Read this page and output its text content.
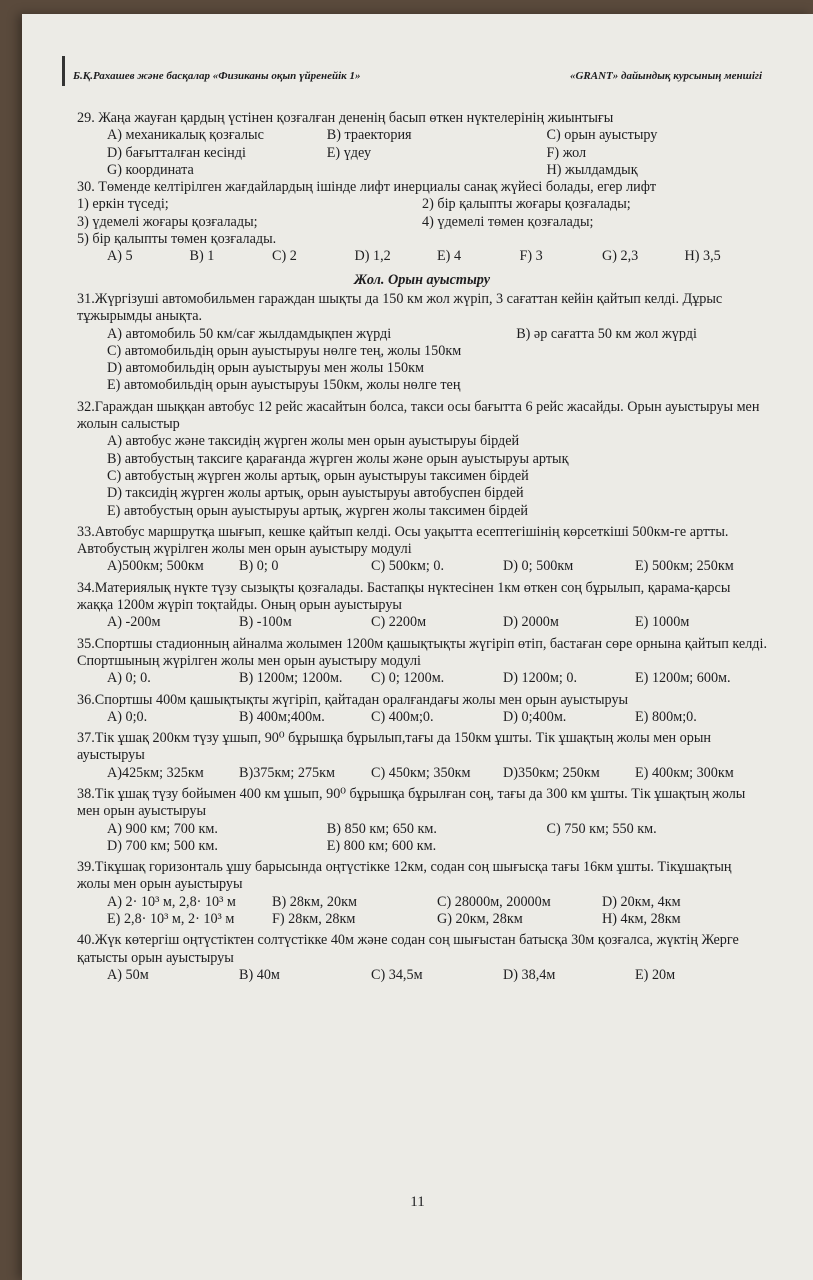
Б.Қ.Рахашев және басқалар «Физиканы оқып үйренейік 1»	«GRANT» дайындық курсының меншігі

29. Жаңа жауған қардың үстінен қозғалған дененің басып өткен нүктелерінің жиынтығы

A) механикалық қозғалыс	B) траектория	C) орын ауыстыру
D) бағытталған кесінді	E) үдеу	F) жол
G) координата	H) жылдамдық

30. Төменде келтірілген жағдайлардың ішінде лифт инерциалы санақ жүйесі болады, егер лифт

1) еркін түседі;	2) бір қалыпты жоғары қозғалады;
3) үдемелі жоғары қозғалады;	4) үдемелі төмен қозғалады;
5) бір қалыпты төмен қозғалады.
A) 5	B) 1	C) 2	D) 1,2	E) 4	F) 3	G) 2,3	H) 3,5
Жол. Орын ауыстыру

31.Жүргізуші автомобильмен гараждан шықты да 150 км жол жүріп, 3 сағаттан кейін қайтып келді. Дұрыс тұжырымды анықта.

A) автомобиль 50 км/сағ жылдамдықпен жүрді	B) әр сағатта 50 км жол жүрді

C) автомобильдің орын ауыстыруы нөлге тең, жолы 150км

D) автомобильдің орын ауыстыруы мен жолы 150км

E) автомобильдің орын ауыстыруы 150км, жолы нөлге тең

32.Гараждан шыққан автобус 12 рейс жасайтын болса, такси осы бағытта 6 рейс жасайды. Орын ауыстыруы мен жолын салыстыр

A) автобус және таксидің жүрген жолы мен орын ауыстыруы бірдей

B) автобустың таксиге қарағанда жүрген жолы және орын ауыстыруы артық

C) автобустың жүрген жолы артық, орын ауыстыруы таксимен бірдей

D) таксидің жүрген жолы артық, орын ауыстыруы автобуспен бірдей

E) автобустың орын ауыстыруы артық, жүрген жолы таксимен бірдей

33.Автобус маршрутқа шығып, кешке қайтып келді. Осы уақытта есептегішінің көрсеткіші 500км-ге артты. Автобустың жүрілген жолы мен орын ауыстыру модулі

A)500км; 500км	B) 0; 0	C) 500км; 0.	D) 0; 500км	E) 500км; 250км

34.Материялық нүкте түзу сызықты қозғалады. Бастапқы нүктесінен 1км өткен соң бұрылып, қарама-қарсы жаққа 1200м жүріп тоқтайды. Оның орын ауыстыруы

A) -200м	B) -100м	C) 2200м	D) 2000м	E) 1000м

35.Спортшы стадионның айналма жолымен 1200м қашықтықты жүгіріп өтіп, бастаған сөре орнына қайтып келді. Спортшының жүрілген жолы мен орын ауыстыру модулі

A) 0; 0.	B) 1200м; 1200м.	C) 0; 1200м.	D) 1200м; 0.	E) 1200м; 600м.

36.Спортшы 400м қашықтықты жүгіріп, қайтадан оралғандағы жолы мен орын ауыстыруы

A) 0;0.	B) 400м;400м.	C) 400м;0.	D) 0;400м.	E) 800м;0.

37.Тік ұшақ 200км түзу ұшып, 90⁰ бұрышқа бұрылып,тағы да 150км ұшты. Тік ұшақтың жолы мен орын ауыстыруы

A)425км; 325км	B)375км; 275км	C) 450км; 350км	D)350км; 250км	E) 400км; 300км

38.Тік ұшақ түзу бойымен 400 км ұшып, 90⁰ бұрышқа бұрылған соң, тағы да 300 км ұшты. Тік ұшақтың жолы мен орын ауыстыруы

A) 900 км; 700 км.	B) 850 км; 650 км.	C) 750 км; 550 км.
D) 700 км; 500 км.	E) 800 км; 600 км.

39.Тікұшақ горизонталь ұшу барысында оңтүстікке 12км, содан соң шығысқа тағы 16км ұшты. Тікұшақтың жолы мен орын ауыстыруы

A) 2· 10³ м, 2,8· 10³ м	B) 28км, 20км	C) 28000м, 20000м	D) 20км, 4км
E) 2,8· 10³ м, 2· 10³ м	F) 28км, 28км	G) 20км, 28км	H) 4км, 28км

40.Жүк көтергіш оңтүстіктен солтүстікке 40м және содан соң шығыстан батысқа 30м қозғалса, жүктің Жерге қатысты орын ауыстыруы

A) 50м	B) 40м	C) 34,5м	D) 38,4м	E) 20м
11
